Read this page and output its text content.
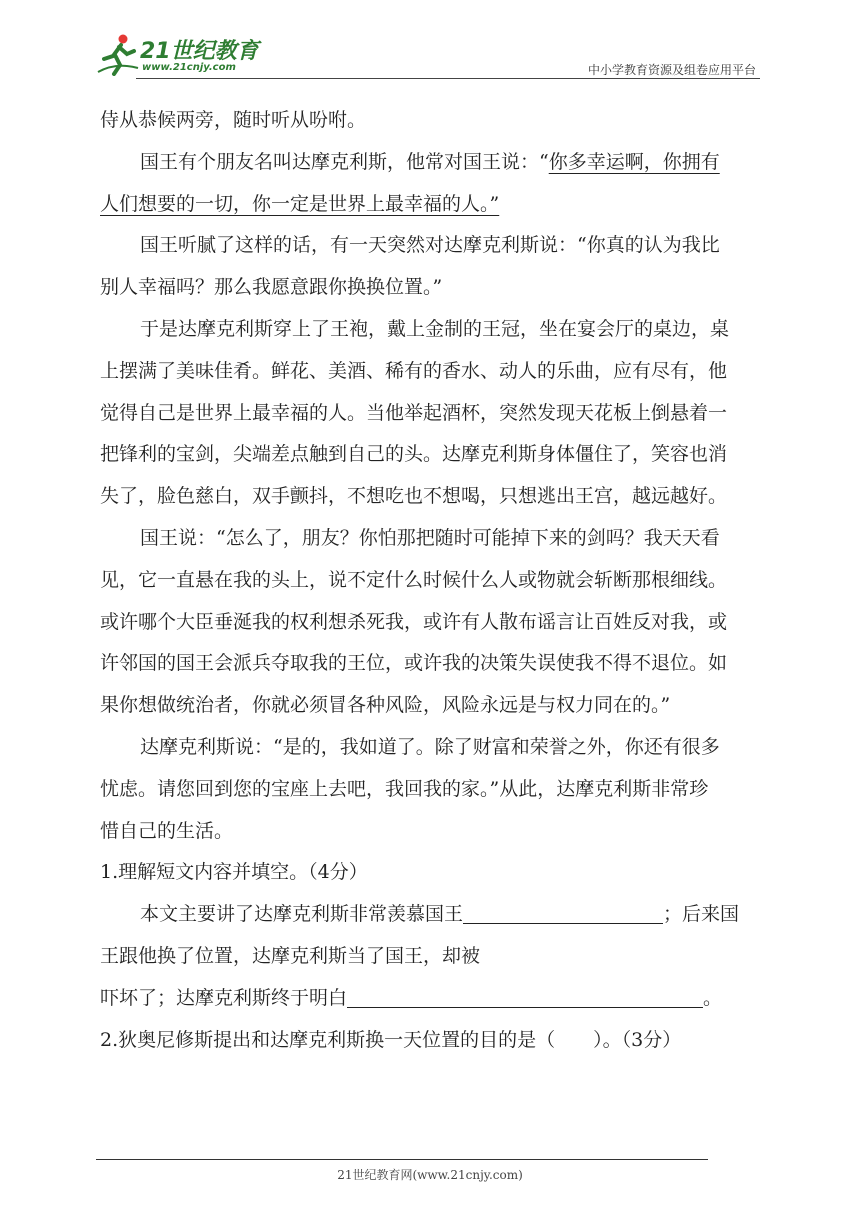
21世纪教育
www.21cnjy.com	中小学教育资源及组卷应用平台
侍从恭候两旁，随时听从吩咐。
国王有个朋友名叫达摩克利斯，他常对国王说：“你多幸运啊，你拥有
人们想要的一切，你一定是世界上最幸福的人。”
国王听腻了这样的话，有一天突然对达摩克利斯说：“你真的认为我比
别人幸福吗？那么我愿意跟你换换位置。”
于是达摩克利斯穿上了王袍，戴上金制的王冠，坐在宴会厅的桌边，桌
上摆满了美味佳肴。鲜花、美酒、稀有的香水、动人的乐曲，应有尽有，他
觉得自己是世界上最幸福的人。当他举起酒杯，突然发现天花板上倒悬着一
把锋利的宝剑，尖端差点触到自己的头。达摩克利斯身体僵住了，笑容也消
失了，脸色慈白，双手颤抖，不想吃也不想喝，只想逃出王宫，越远越好。
国王说：“怎么了，朋友？你怕那把随时可能掉下来的剑吗？我天天看
见，它一直悬在我的头上，说不定什么时候什么人或物就会斩断那根细线。
或许哪个大臣垂涎我的权利想杀死我，或许有人散布谣言让百姓反对我，或
许邻国的国王会派兵夺取我的王位，或许我的决策失误使我不得不退位。如
果你想做统治者，你就必须冒各种风险，风险永远是与权力同在的。”
达摩克利斯说：“是的，我如道了。除了财富和荣誉之外，你还有很多
忧虑。请您回到您的宝座上去吧，我回我的家。”从此，达摩克利斯非常珍
惜自己的生活。
1.理解短文内容并填空。（4分）
本文主要讲了达摩克利斯非常羡慕国王	；后来国
王跟他换了位置，达摩克利斯当了国王，却被
吓坏了；达摩克利斯终于明白	。
2.狄奥尼修斯提出和达摩克利斯换一天位置的目的是（　　）。（3分）
21世纪教育网(www.21cnjy.com)
